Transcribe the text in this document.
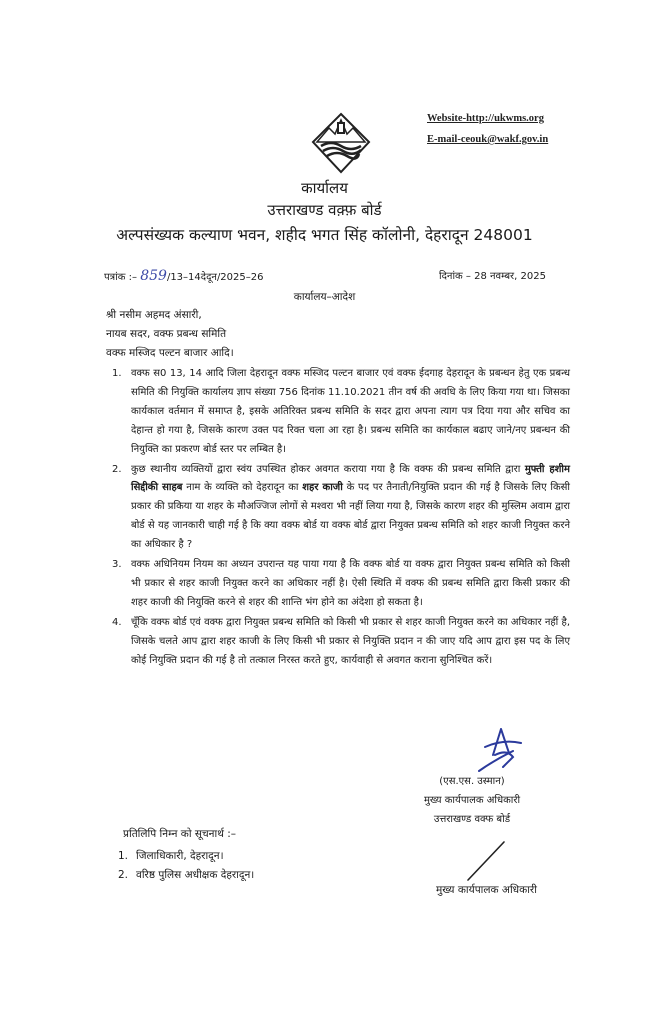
Website-http://ukwms.org
E-mail-ceouk@wakf.gov.in
कार्यालय
उत्तराखण्ड वक़्फ़ बोर्ड
अल्पसंख्यक कल्याण भवन, शहीद भगत सिंह कॉलोनी, देहरादून 248001
पत्रांक :– 859/13–14देदून/2025–26	दिनांक – 28 नवम्बर, 2025
कार्यालय–आदेश
श्री नसीम अहमद अंसारी,
नायब सदर, वक्फ प्रबन्ध समिति
वक्फ मस्जिद पल्टन बाजार आदि।
1. वक्फ स0 13, 14 आदि जिला देहरादून वक्फ मस्जिद पल्टन बाजार एवं वक्फ ईदगाह देहरादून के प्रबन्धन हेतु एक प्रबन्ध समिति की नियुक्ति कार्यालय ज्ञाप संख्या 756 दिनांक 11.10.2021 तीन वर्ष की अवधि के लिए किया गया था। जिसका कार्यकाल वर्तमान में समाप्त है, इसके अतिरिक्त प्रबन्ध समिति के सदर द्वारा अपना त्याग पत्र दिया गया और सचिव का देहान्त हो गया है, जिसके कारण उक्त पद रिक्त चला आ रहा है। प्रबन्ध समिति का कार्यकाल बढाए जाने/नए प्रबन्धन की नियुक्ति का प्रकरण बोर्ड स्तर पर लम्बित है।
2. कुछ स्थानीय व्यक्तियों द्वारा स्वंय उपस्थित होकर अवगत कराया गया है कि वक्फ की प्रबन्ध समिति द्वारा मुफ्ती हशीम सिद्दीकी साहब नाम के व्यक्ति को देहरादून का शहर काजी के पद पर तैनाती/नियुक्ति प्रदान की गई है जिसके लिए किसी प्रकार की प्रकिया या शहर के मौअज्जिज लोगों से मश्वरा भी नहीं लिया गया है, जिसके कारण शहर की मुस्लिम अवाम द्वारा बोर्ड से यह जानकारी चाही गई है कि क्या वक्फ बोर्ड या वक्फ बोर्ड द्वारा नियुक्त प्रबन्ध समिति को शहर काजी नियुक्त करने का अधिकार है ?
3. वक्फ अधिनियम नियम का अध्यन उपरान्त यह पाया गया है कि वक्फ बोर्ड या वक्फ द्वारा नियुक्त प्रबन्ध समिति को किसी भी प्रकार से शहर काजी नियुक्त करने का अधिकार नहीं है। ऐसी स्थिति में वक्फ की प्रबन्ध समिति द्वारा किसी प्रकार की शहर काजी की नियुक्ति करने से शहर की शान्ति भंग होने का अंदेशा हो सकता है।
4. चूँकि वक्फ बोर्ड एवं वक्फ द्वारा नियुक्त प्रबन्ध समिति को किसी भी प्रकार से शहर काजी नियुक्त करने का अधिकार नहीं है, जिसके चलते आप द्वारा शहर काजी के लिए किसी भी प्रकार से नियुक्ति प्रदान न की जाए यदि आप द्वारा इस पद के लिए कोई नियुक्ति प्रदान की गई है तो तत्काल निरस्त करते हुए, कार्यवाही से अवगत कराना सुनिश्चित करें।
(एस.एस. उस्मान)
मुख्य कार्यपालक अधिकारी
उत्तराखण्ड वक्फ बोर्ड
प्रतिलिपि निम्न को सूचनार्थ :–
1. जिलाधिकारी, देहरादून।
2. वरिष्ठ पुलिस अधीक्षक देहरादून।
मुख्य कार्यपालक अधिकारी
